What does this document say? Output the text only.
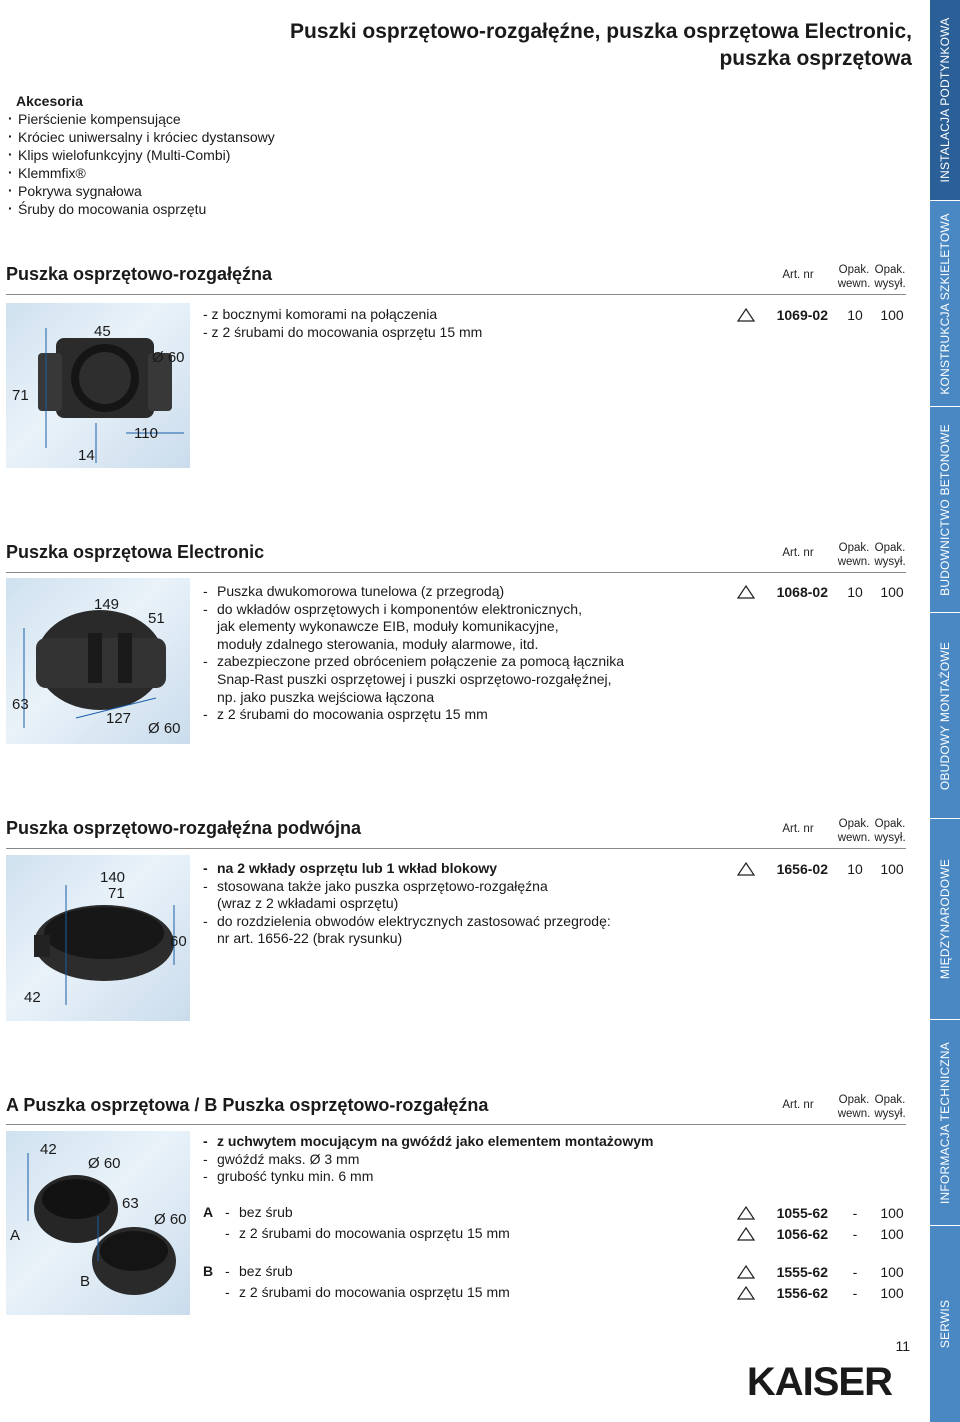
Puszki osprzętowo-rozgałęźne, puszka osprzętowa Electronic,
puszka osprzętowa
Akcesoria
· Pierścienie kompensujące
· Króciec uniwersalny i króciec dystansowy
· Klips wielofunkcyjny (Multi-Combi)
· Klemmfix®
· Pokrywa sygnałowa
· Śruby do mocowania osprzętu
Puszka osprzętowo-rozgałęźna	Art. nr	Opak.
wewn.
Opak.
wysył.
45
Ø 60
71
110
14
- z bocznymi komorami na połączenia
- z 2 śrubami do mocowania osprzętu 15 mm
1069-02	10	100
Puszka osprzętowa Electronic	Art. nr	Opak.
wewn.
Opak.
wysył.
149
51
63
127
Ø 60
- Puszka dwukomorowa tunelowa (z przegrodą)
- do wkładów osprzętowych i komponentów elektronicznych,
jak elementy wykonawcze EIB, moduły komunikacyjne,
moduły zdalnego sterowania, moduły alarmowe, itd.
- zabezpieczone przed obróceniem połączenie za pomocą łącznika
Snap-Rast puszki osprzętowej i puszki osprzętowo-rozgałęźnej,
np. jako puszka wejściowa łączona
- z 2 śrubami do mocowania osprzętu 15 mm
1068-02	10	100
Puszka osprzętowo-rozgałęźna podwójna	Art. nr	Opak.
wewn.
Opak.
wysył.
140
71
60
42
- na 2 wkłady osprzętu lub 1 wkład blokowy
- stosowana także jako puszka osprzętowo-rozgałęźna
(wraz z 2 wkładami osprzętu)
- do rozdzielenia obwodów elektrycznych zastosować przegrodę:
nr art. 1656-22 (brak rysunku)
1656-02	10	100
A Puszka osprzętowa / B Puszka osprzętowo-rozgałęźna	Art. nr	Opak.
wewn.
Opak.
wysył.
42
Ø 60
63
Ø 60
A
B
- z uchwytem mocującym na gwóźdź jako elementem montażowym
- gwóźdź maks. Ø 3 mm
- grubość tynku min. 6 mm
A - bez śrub	1055-62	-	100
- z 2 śrubami do mocowania osprzętu 15 mm	1056-62	-	100
B - bez śrub	1555-62	-	100
- z 2 śrubami do mocowania osprzętu 15 mm	1556-62	-	100
11
KAISER
INSTALACJA PODTYNKOWA
KONSTRUKCJA SZKIELETOWA
BUDOWNICTWO BETONOWE
OBUDOWY MONTAŻOWE
MIĘDZYNARODOWE
INFORMACJA TECHNICZNA
SERWIS
